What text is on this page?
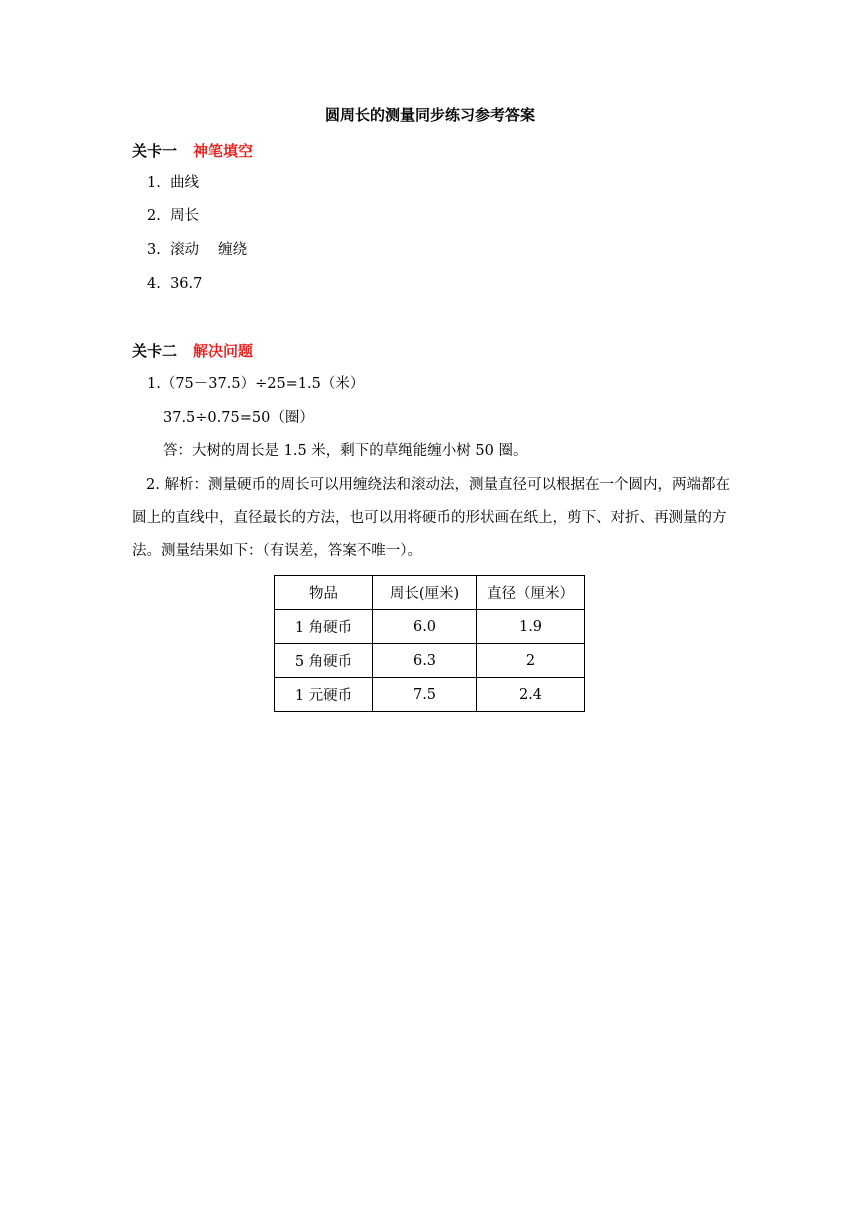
圆周长的测量同步练习参考答案
关卡一 神笔填空
1. 曲线
2. 周长
3. 滚动　 缠绕
4. 36.7
关卡二 解决问题
1.（75－37.5）÷25=1.5（米）
37.5÷0.75=50（圈）
答：大树的周长是 1.5 米，剩下的草绳能缠小树 50 圈。
2. 解析：测量硬币的周长可以用缠绕法和滚动法，测量直径可以根据在一个圆内，两端都在圆上的直线中，直径最长的方法，也可以用将硬币的形状画在纸上，剪下、对折、再测量的方法。测量结果如下：（有误差，答案不唯一）。
物品	周长(厘米)	直径（厘米）
1 角硬币	6.0	1.9
5 角硬币	6.3	2
1 元硬币	7.5	2.4
